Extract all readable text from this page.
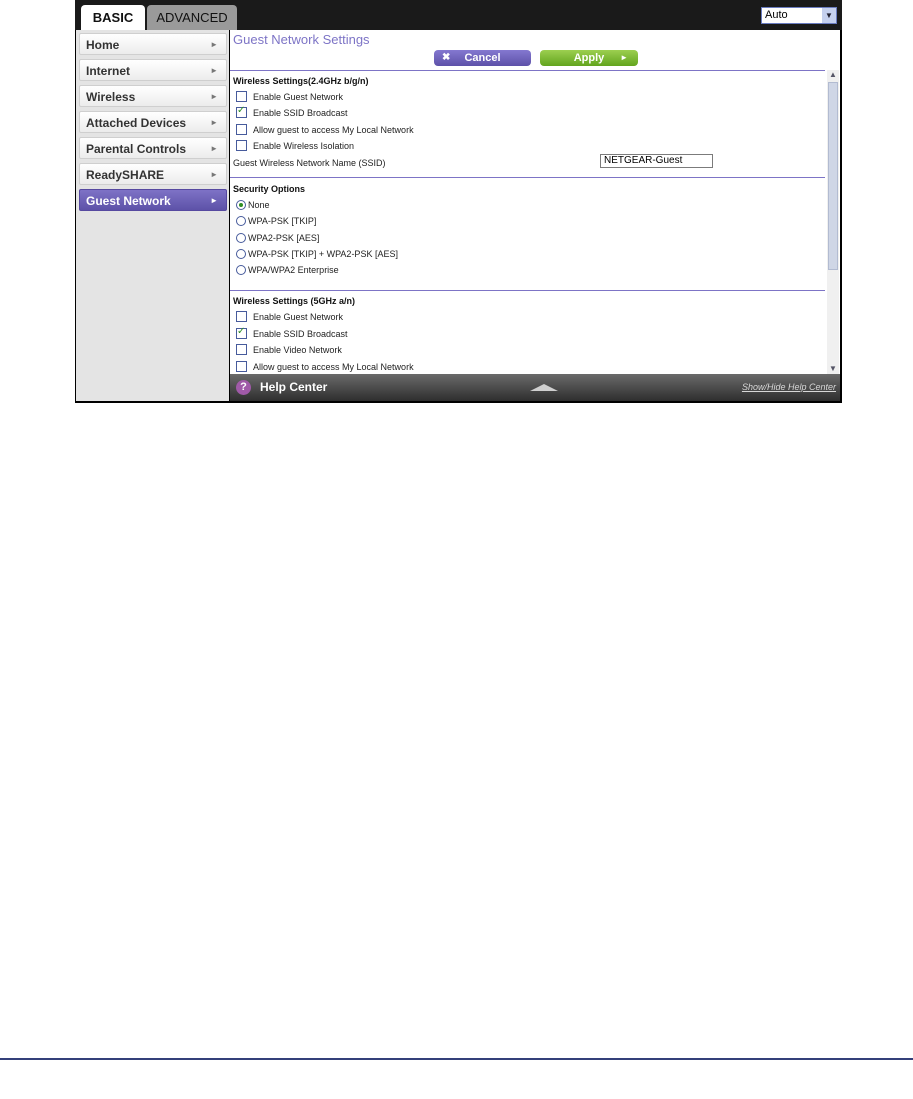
BASIC	ADVANCED	Auto	▼
Home	►
Internet	►
Wireless	►
Attached Devices	►
Parental Controls	►
ReadySHARE	►
Guest Network	►
Guest Network Settings
✖	Cancel	Apply	►
Wireless Settings(2.4GHz b/g/n)
Enable Guest Network
✓Enable SSID Broadcast
Allow guest to access My Local Network
Enable Wireless Isolation
Guest Wireless Network Name (SSID)
NETGEAR-Guest
Security Options
None
WPA-PSK [TKIP]
WPA2-PSK [AES]
WPA-PSK [TKIP] + WPA2-PSK [AES]
WPA/WPA2 Enterprise
Wireless Settings (5GHz a/n)
Enable Guest Network
✓Enable SSID Broadcast
Enable Video Network
Allow guest to access My Local Network
▲
▼
?	Help Center	Show/Hide Help Center
